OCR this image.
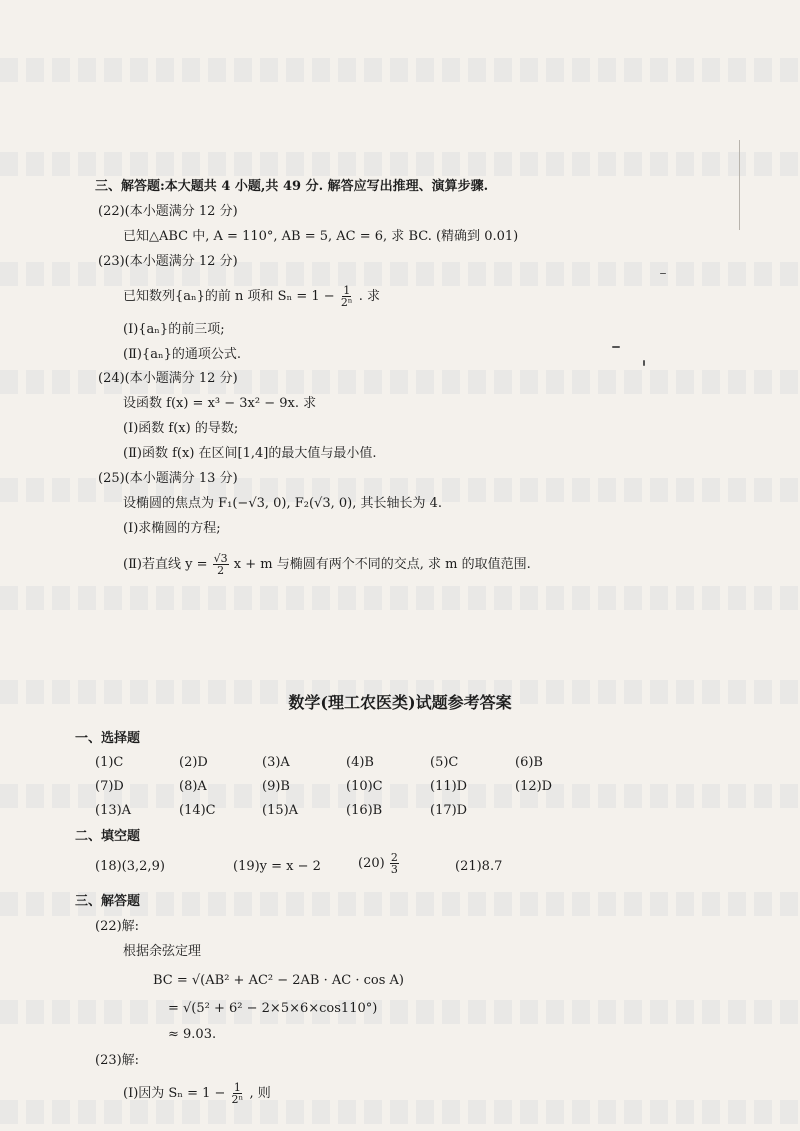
三、解答题:本大题共 4 小题,共 49 分. 解答应写出推理、演算步骤.
(22)(本小题满分 12 分)
已知△ABC 中, A = 110°, AB = 5, AC = 6, 求 BC. (精确到 0.01)
(23)(本小题满分 12 分)
已知数列{aₙ}的前 n 项和 $S_n = 1 - \frac{1}{\text{2ⁿ}}$ . 求
(Ⅰ){aₙ}的前三项;
(Ⅱ){aₙ}的通项公式.
(24)(本小题满分 12 分)
设函数 f(x) = x³ − 3x² − 9x. 求
(Ⅰ)函数 f(x) 的导数;
(Ⅱ)函数 f(x) 在区间[1,4]的最大值与最小值.
(25)(本小题满分 13 分)
设椭圆的焦点为 F₁(−√3, 0), F₂(√3, 0), 其长轴长为 4.
(Ⅰ)求椭圆的方程;
(Ⅱ)若直线 $y = \frac{√3}{2}$ x + m 与椭圆有两个不同的交点, 求 m 的取值范围.
数学(理工农医类)试题参考答案
一、选择题
(1)C	(2)D	(3)A	(4)B	(5)C	(6)B
(7)D	(8)A	(9)B	(10)C	(11)D	(12)D
(13)A	(14)C	(15)A	(16)B	(17)D
二、填空题
(18)(3,2,9)	(19)y = x − 2	$(20) \frac{2}{3}$	(21)8.7
三、解答题
(22)解:
根据余弦定理
BC = √(AB² + AC² − 2AB · AC · cos A)
= √(5² + 6² − 2×5×6×cos110°)
≈ 9.03.
(23)解:
(Ⅰ)因为 $S_n = 1 - \frac{1}{\text{2ⁿ}}$ , 则
